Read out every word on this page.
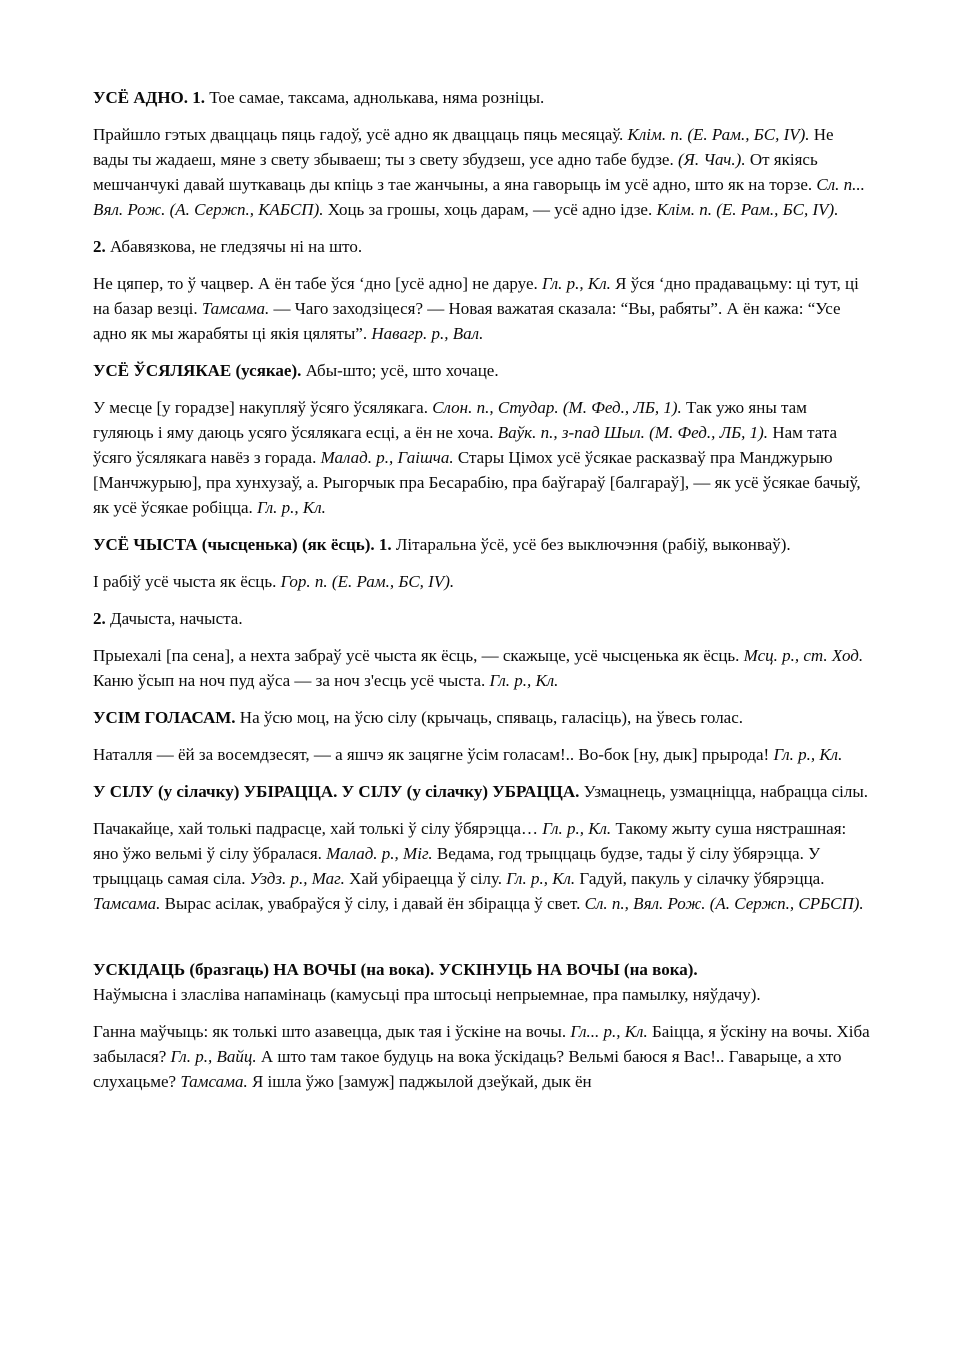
УСЁ АДНО. 1. Тое самае, таксама, аднолькава, няма розніцы.

Прайшло гэтых дваццаць пяць гадоў, усё адно як дваццаць пяць месяцаў. Клім. п. (Е. Рам., БС, IV). Не вады ты жадаеш, мяне з свету збываеш; ты з свету збудзеш, усе адно табе будзе. (Я. Чач.). От якіясь мешчанчукі давай шуткаваць ды кпіць з тае жанчыны, а яна гаворыць ім усё адно, што як на торзе. Сл. п... Вял. Рож. (А. Сержп., КАБСП). Хоць за грошы, хоць дарам, — усё адно ідзе. Клім. п. (Е. Рам., БС, IV).

2. Абавязкова, не гледзячы ні на што.

Не цяпер, то ў чацвер. А ён табе ўся ‘дно [усё адно] не даруе. Гл. р., Кл. Я ўся ‘дно прадавацьму: ці тут, ці на базар везці. Тамсама. — Чаго заходзіцеся? — Новая важатая сказала: “Вы, рабяты”. А ён кажа: “Усе адно як мы жарабяты ці якія цяляты”. Навагр. р., Вал.

УСЁ ЎСЯЛЯКАЕ (усякае). Абы-што; усё, што хочаце.

У месце [у горадзе] накупляў ўсяго ўсялякага. Слон. п., Студар. (М. Фед., ЛБ, 1). Так ужо яны там гуляюць і яму даюць усяго ўсялякага есці, а ён не хоча. Ваўк. п., з-пад Шыл. (М. Фед., ЛБ, 1). Нам тата ўсяго ўсялякага навёз з горада. Малад. р., Гаішча. Стары Цімох усё ўсякае расказваў пра Манджурыю [Манчжурыю], пра хунхузаў, а. Рыгорчык пра Бесарабію, пра баўгараў [балгараў], — як усё ўсякае бачыў, як усё ўсякае робіцца. Гл. р., Кл.

УСЁ ЧЫСТА (чысценька) (як ёсць). 1. Літаральна ўсё, усё без выключэння (рабіў, выконваў).

І рабіў усё чыста як ёсць. Гор. п. (Е. Рам., БС, IV).

2. Дачыста, начыста.

Прыехалі [па сена], а нехта забраў усё чыста як ёсць, — скажыце, усё чысценька як ёсць. Мсц. р., ст. Ход. Каню ўсып на ноч пуд аўса — за ноч з'есць усё чыста. Гл. р., Кл.

УСІМ ГОЛАСАМ. На ўсю моц, на ўсю сілу (крычаць, спяваць, галасіць), на ўвесь голас.

Наталля — ёй за восемдзесят, — а яшчэ як зацягне ўсім голасам!.. Во-бок [ну, дык] прырода! Гл. р., Кл.

У СІЛУ (у сілачку) УБІРАЦЦА. У СІЛУ (у сілачку) УБРАЦЦА. Узмацнець, узмацніцца, набрацца сілы.

Пачакайце, хай толькі падрасце, хай толькі ў сілу ўбярэцца… Гл. р., Кл. Такому жыту суша нястрашная: яно ўжо вельмі ў сілу ўбралася. Малад. р., Міг. Ведама, год трыццаць будзе, тады ў сілу ўбярэцца. У трыццаць самая сіла. Уздз. р., Маг. Хай убіраецца ў сілу. Гл. р., Кл. Гадуй, пакуль у сілачку ўбярэцца. Тамсама. Вырас асілак, увабраўся ў сілу, і давай ён збірацца ў свет. Сл. п., Вял. Рож. (А. Сержп., СРБСП).

УСКІДАЦЬ (бразгаць) НА ВОЧЫ (на вока). УСКІНУЦЬ НА ВОЧЫ (на вока).
Наўмысна і зласліва напамінаць (камусьці пра штосьці непрыемнае, пра памылку, няўдачу).

Ганна маўчыць: як толькі што азавецца, дык тая і ўскіне на вочы. Гл... р., Кл. Баіцца, я ўскіну на вочы. Хіба забылася? Гл. р., Вайц. А што там такое будуць на вока ўскідаць? Вельмі баюся я Вас!.. Гаварыце, а хто слухацьме? Тамсама. Я ішла ўжо [замуж] паджылой дзеўкай, дык ён
